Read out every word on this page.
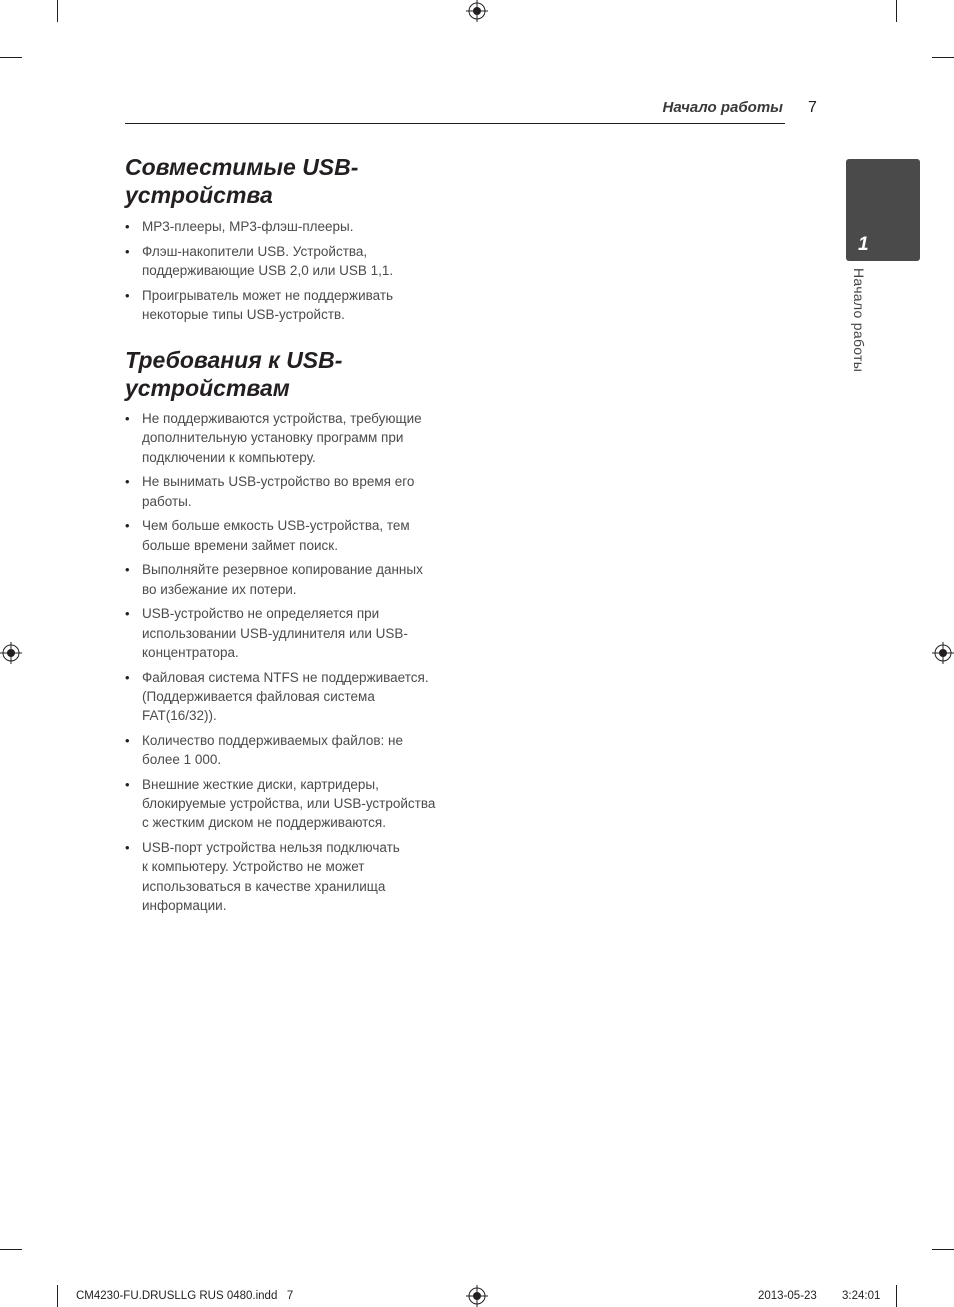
Начало работы 7
1
Начало работы
Совместимые USB-
устройства
• MP3-плееры, MP3-флэш-плееры.
• Флэш-накопители USB. Устройства,
поддерживающие USB 2,0 или USB 1,1.
• Проигрыватель может не поддерживать
некоторые типы USB-устройств.
Требования к USB-
устройствам
• Не поддерживаются устройства, требующие
дополнительную установку программ при
подключении к компьютеру.
• Не вынимать USB-устройство во время его
работы.
• Чем больше емкость USB-устройства, тем
больше времени займет поиск.
• Выполняйте резервное копирование данных
во избежание их потери.
• USB-устройство не определяется при
использовании USB-удлинителя или USB-
концентратора.
• Файловая система NTFS не поддерживается.
(Поддерживается файловая система
FAT(16/32)).
• Количество поддерживаемых файлов: не
более 1 000.
• Внешние жесткие диски, картридеры,
блокируемые устройства, или USB-устройства
с жестким диском не поддерживаются.
• USB-порт устройства нельзя подключать
к компьютеру. Устройство не может
использоваться в качестве хранилища
информации.
CM4230-FU.DRUSLLG RUS 0480.indd   7	2013-05-23 3:24:01
